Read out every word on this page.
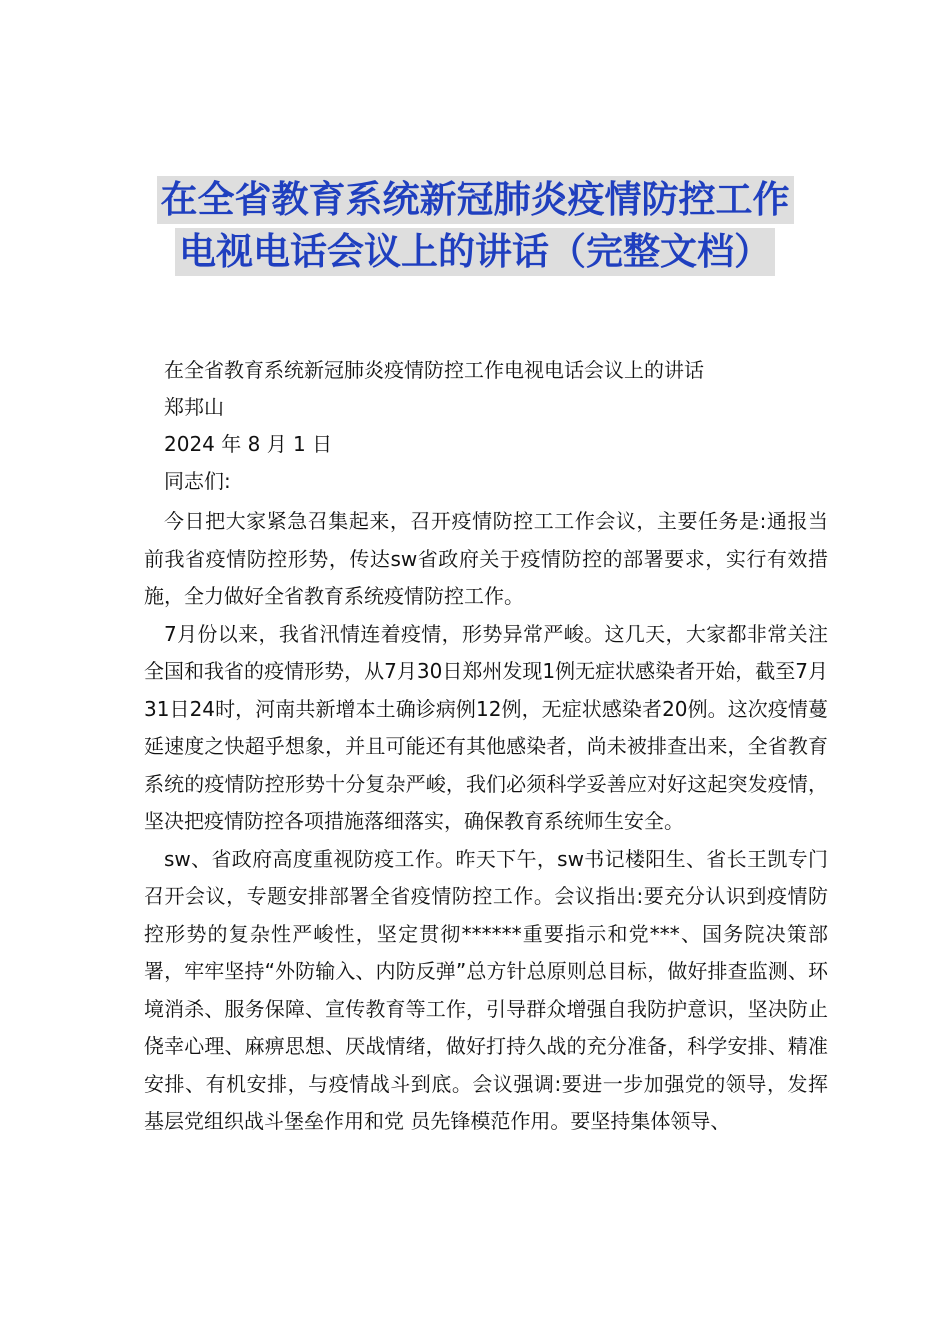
在全省教育系统新冠肺炎疫情防控工作
电视电话会议上的讲话（完整文档）
在全省教育系统新冠肺炎疫情防控工作电视电话会议上的讲话
郑邦山
2024 年 8 月 1 日
同志们:

今日把大家紧急召集起来，召开疫情防控工工作会议，主要任务是:通报当前我省疫情防控形势，传达sw省政府关于疫情防控的部署要求，实行有效措施，全力做好全省教育系统疫情防控工作。

7月份以来，我省汛情连着疫情，形势异常严峻。这几天，大家都非常关注全国和我省的疫情形势，从7月30日郑州发现1例无症状感染者开始，截至7月31日24时，河南共新增本土确诊病例12例，无症状感染者20例。这次疫情蔓延速度之快超乎想象，并且可能还有其他感染者，尚未被排查出来，全省教育系统的疫情防控形势十分复杂严峻，我们必须科学妥善应对好这起突发疫情，坚决把疫情防控各项措施落细落实，确保教育系统师生安全。

sw、省政府高度重视防疫工作。昨天下午，sw书记楼阳生、省长王凯专门召开会议，专题安排部署全省疫情防控工作。会议指出:要充分认识到疫情防控形势的复杂性严峻性，坚定贯彻******重要指示和党***、国务院决策部署，牢牢坚持“外防输入、内防反弹”总方针总原则总目标，做好排查监测、环境消杀、服务保障、宣传教育等工作，引导群众增强自我防护意识，坚决防止侥幸心理、麻痹思想、厌战情绪，做好打持久战的充分准备，科学安排、精准安排、有机安排，与疫情战斗到底。会议强调:要进一步加强党的领导，发挥基层党组织战斗堡垒作用和党 员先锋模范作用。要坚持集体领导、
